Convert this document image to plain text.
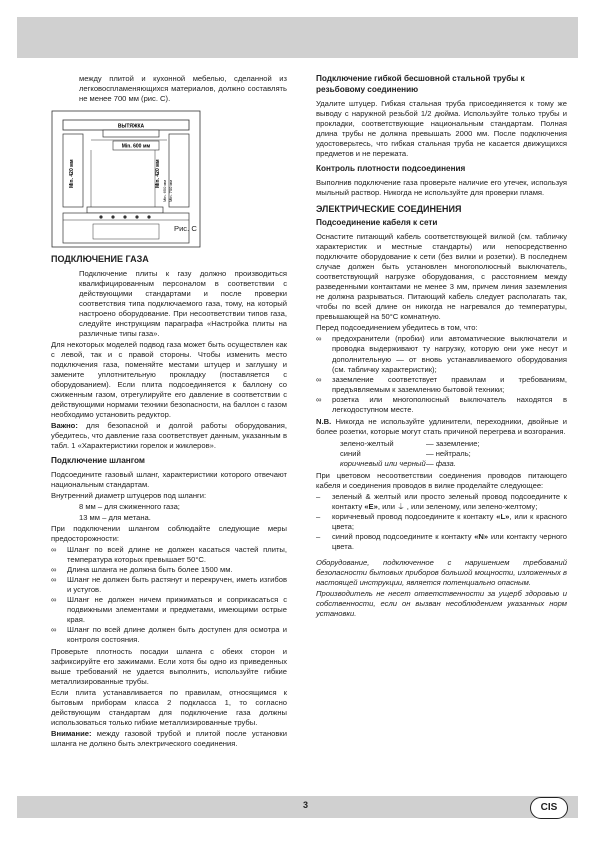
между плитой и кухонной мебелью, сделанной из легковоспламеняющихся материалов, должно составлять не менее 700 мм (рис. C).

ВЫТЯЖКА
Min. 600 мм
Min. 420 мм	Min. 420 мм
Min. 650 мм Min. 700 мм
Рис. С
ПОДКЛЮЧЕНИЕ ГАЗА

Подключение плиты к газу должно производиться квалифицированным персоналом в соответствии с действующими стандартами и после проверки соответствия типа подключаемого газа, тому, на который настроено оборудование. При несоответствии типов газа, следуйте инструкциям параграфа «Настройка плиты на различные типы газа».

Для некоторых моделей подвод газа может быть осуществлен как с левой, так и с правой стороны. Чтобы изменить место подключения газа, поменяйте местами штуцер и заглушку и замените уплотнительную прокладку (поставляется с оборудованием). Если плита подсоединяется к баллону со сжиженным газом, отрегулируйте его давление в соответствии с действующими нормами техники безопасности, на баллон с газом необходимо установить редуктор.

Важно: для безопасной и долгой работы оборудования, убедитесь, что давление газа соответствует данным, указанным в табл. 1 «Характеристики горелок и жиклеров».

Подключение шлангом

Подсоедините газовый шланг, характеристики которого отвечают национальным стандартам.

Внутренний диаметр штуцеров под шланги:

8 мм – для сжиженного газа;

13 мм – для метана.

При подключении шлангом соблюдайте следующие меры предосторожности:

∞ Шланг по всей длине не должен касаться частей плиты, температура которых превышает 50°С.
∞ Длина шланга не должна быть более 1500 мм.
∞ Шланг не должен быть растянут и перекручен, иметь изгибов и устугов.
∞ Шланг не должен ничем прижиматься и соприкасаться с подвижными элементами и предметами, имеющими острые края.
∞ Шланг по всей длине должен быть доступен для осмотра и контроля состояния.

Проверьте плотность посадки шланга с обеих сторон и зафиксируйте его зажимами. Если хотя бы одно из приведенных выше требований не удается выполнить, используйте гибкие металлизированные трубы.

Если плита устанавливается по правилам, относящимся к бытовым приборам класса 2 подкласса 1, то согласно действующим стандартам для подключение газа должны использоваться только гибкие металлизированные трубы.

Внимание: между газовой трубой и плитой после установки шланга не должно быть электрического соединения.

Подключение гибкой бесшовной стальной трубы к резьбовому соединению

Удалите штуцер. Гибкая стальная труба присоединяется к тому же выводу с наружной резьбой 1/2 дюйма. Используйте только трубы и прокладки, соответствующие национальным стандартам. Полная длина трубы не должна превышать 2000 мм. После подключения удостоверьтесь, что гибкая стальная труба не касается движущихся предметов и не пережата.

Контроль плотности подсоединения

Выполнив подключение газа проверьте наличие его утечек, используя мыльный раствор. Никогда не используйте для проверки пламя.

ЭЛЕКТРИЧЕСКИЕ СОЕДИНЕНИЯ
Подсоединение кабеля к сети

Оснастите питающий кабель соответствующей вилкой (см. табличку характеристик и местные стандарты) или непосредственно подключите оборудование к сети (без вилки и розетки). В последнем случае должен быть установлен многополюсный выключатель, соответствующий нагрузке оборудования, с расстоянием между разведенными контактами не менее 3 мм, причем линия заземления не должна разрываться. Питающий кабель следует располагать так, чтобы по всей длине он никогда не нагревался до температуры, превышающей на 50°С комнатную.

Перед подсоединением убедитесь в том, что:

∞ предохранители (пробки) или автоматические выключатели и проводка выдерживают ту нагрузку, которую они уже несут и дополнительную — от вновь устанавливаемого оборудования (см. табличку характеристик);
∞ заземление соответствует правилам и требованиям, предъявляемым к заземлению бытовой техники;
∞ розетка или многополюсный выключатель находятся в легкодоступном месте.

N.B. Никогда не используйте удлинители, переходники, двойные и более розетки, которые могут стать причиной перегрева и возгорания.

зелено-желтый	— заземление;
синий	— нейтраль;
коричневый или черный — фаза.

При цветовом несоответствии соединения проводов питающего кабеля и соединения проводов в вилке проделайте следующее:

– зеленый & желтый или просто зеленый провод подсоедините к контакту «E», или ⏚ , или зеленому, или зелено-желтому;
– коричневый провод подсоедините к контакту «L», или к красного цвета;
– синий провод подсоедините к контакту «N» или контакту черного цвета.

Оборудование, подключенное с нарушением требований безопасности бытовых приборов большой мощности, изложенных в настоящей инструкции, является потенциально опасным.

Производитель не несет ответственности за ущерб здоровью и собственности, если он вызван несоблюдением указанных норм установки.

3	CIS
